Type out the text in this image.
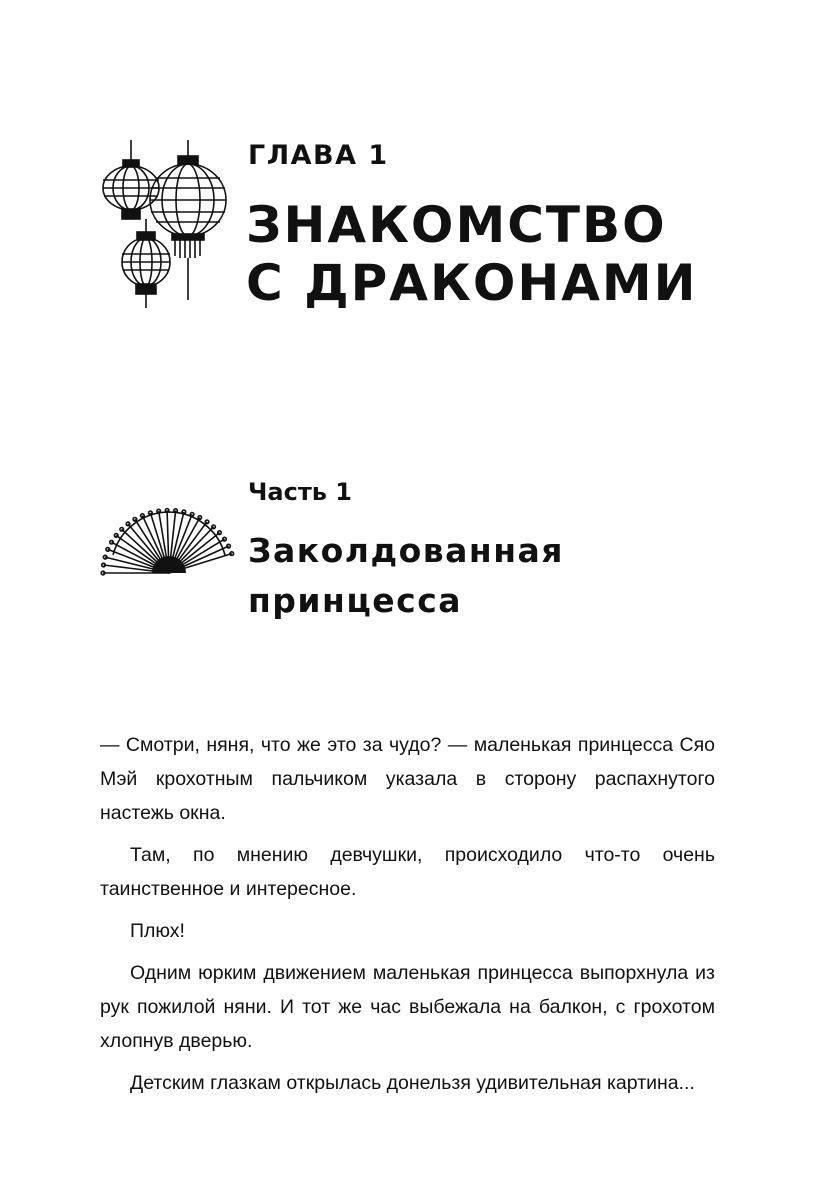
ГЛАВА 1
ЗНАКОМСТВО
С ДРАКОНАМИ
Часть 1
Заколдованная
принцесса

— Смотри, няня, что же это за чудо? — маленькая принцесса Сяо Мэй крохотным пальчиком указала в сторону распахнутого настежь окна.

Там, по мнению девчушки, происходило что-то очень таинственное и интересное.

Плюх!

Одним юрким движением маленькая принцесса выпорхнула из рук пожилой няни. И тот же час выбежала на балкон, с грохотом хлопнув дверью.

Детским глазкам открылась донельзя удивительная картина...
